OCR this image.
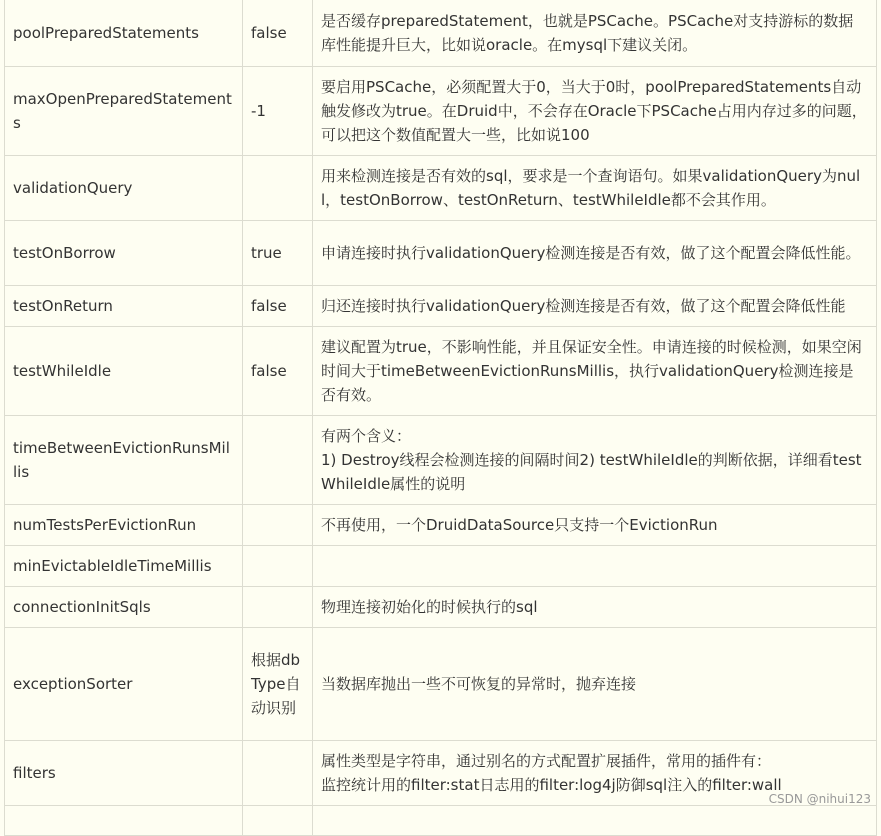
poolPreparedStatements	false	是否缓存preparedStatement，也就是PSCache。PSCache对支持游标的数据库性能提升巨大，比如说oracle。在mysql下建议关闭。
maxOpenPreparedStatements	-1	要启用PSCache，必须配置大于0，当大于0时，poolPreparedStatements自动触发修改为true。在Druid中，不会存在Oracle下PSCache占用内存过多的问题，可以把这个数值配置大一些，比如说100
validationQuery		用来检测连接是否有效的sql，要求是一个查询语句。如果validationQuery为null，testOnBorrow、testOnReturn、testWhileIdle都不会其作用。
testOnBorrow	true	申请连接时执行validationQuery检测连接是否有效，做了这个配置会降低性能。
testOnReturn	false	归还连接时执行validationQuery检测连接是否有效，做了这个配置会降低性能
testWhileIdle	false	建议配置为true，不影响性能，并且保证安全性。申请连接的时候检测，如果空闲时间大于timeBetweenEvictionRunsMillis，执行validationQuery检测连接是否有效。
timeBetweenEvictionRunsMillis		有两个含义：
1) Destroy线程会检测连接的间隔时间2) testWhileIdle的判断依据，详细看testWhileIdle属性的说明

numTestsPerEvictionRun		不再使用，一个DruidDataSource只支持一个EvictionRun
minEvictableIdleTimeMillis		
connectionInitSqls		物理连接初始化的时候执行的sql
exceptionSorter	根据dbType自动识别	当数据库抛出一些不可恢复的异常时，抛弃连接
filters		属性类型是字符串，通过别名的方式配置扩展插件，常用的插件有：
监控统计用的filter:stat日志用的filter:log4j防御sql注入的filter:wall

CSDN @nihui123
